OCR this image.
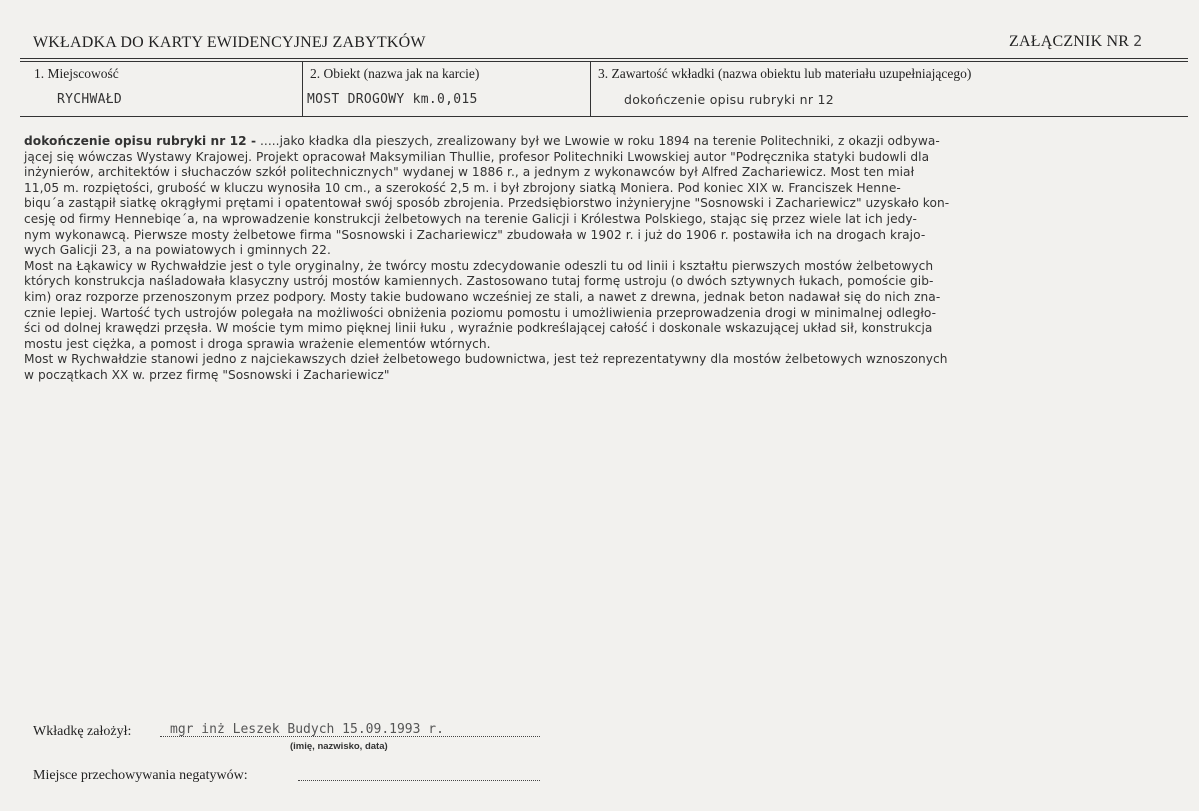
WKŁADKA DO KARTY EWIDENCYJNEJ ZABYTKÓW	ZAŁĄCZNIK NR 2
1. Miejscowość
RYCHWAŁD
2. Obiekt (nazwa jak na karcie)
MOST DROGOWY km.0,015
3. Zawartość wkładki (nazwa obiektu lub materiału uzupełniającego)
dokończenie opisu rubryki nr 12
dokończenie opisu rubryki nr 12 - .....jako kładka dla pieszych, zrealizowany był we Lwowie w roku 1894 na terenie Politechniki, z okazji odbywa-
jącej się wówczas Wystawy Krajowej. Projekt opracował Maksymilian Thullie, profesor Politechniki Lwowskiej autor "Podręcznika statyki budowli dla
inżynierów, architektów i słuchaczów szkół politechnicznych" wydanej w 1886 r., a jednym z wykonawców był Alfred Zachariewicz. Most ten miał
11,05 m. rozpiętości, grubość w kluczu wynosiła 10 cm., a szerokość 2,5 m. i był zbrojony siatką Moniera. Pod koniec XIX w. Franciszek Henne-
biqu´a zastąpił siatkę okrągłymi prętami i opatentował swój sposób zbrojenia. Przedsiębiorstwo inżynieryjne "Sosnowski i Zachariewicz" uzyskało kon-
cesję od firmy Hennebiqe´a, na wprowadzenie konstrukcji żelbetowych na terenie Galicji i Królestwa Polskiego, stając się przez wiele lat ich jedy-
nym wykonawcą. Pierwsze mosty żelbetowe firma "Sosnowski i Zachariewicz" zbudowała w 1902 r. i już do 1906 r. postawiła ich na drogach krajo-
wych Galicji 23, a na powiatowych i gminnych 22.
Most na Łąkawicy w Rychwałdzie jest o tyle oryginalny, że twórcy mostu zdecydowanie odeszli tu od linii i kształtu pierwszych mostów żelbetowych
których konstrukcja naśladowała klasyczny ustrój mostów kamiennych. Zastosowano tutaj formę ustroju (o dwóch sztywnych łukach, pomoście gib-
kim) oraz rozporze przenoszonym przez podpory. Mosty takie budowano wcześniej ze stali, a nawet z drewna, jednak beton nadawał się do nich zna-
cznie lepiej. Wartość tych ustrojów polegała na możliwości obniżenia poziomu pomostu i umożliwienia przeprowadzenia drogi w minimalnej odległo-
ści od dolnej krawędzi przęsła. W moście tym mimo pięknej linii łuku , wyraźnie podkreślającej całość i doskonale wskazującej układ sił, konstrukcja
mostu jest ciężka, a pomost i droga sprawia wrażenie elementów wtórnych.
Most w Rychwałdzie stanowi jedno z najciekawszych dzieł żelbetowego budownictwa, jest też reprezentatywny dla mostów żelbetowych wznoszonych
w początkach XX w. przez firmę "Sosnowski i Zachariewicz"
Wkładkę założył:	mgr inż Leszek Budych 15.09.1993 r.
(imię, nazwisko, data)
Miejsce przechowywania negatywów:
